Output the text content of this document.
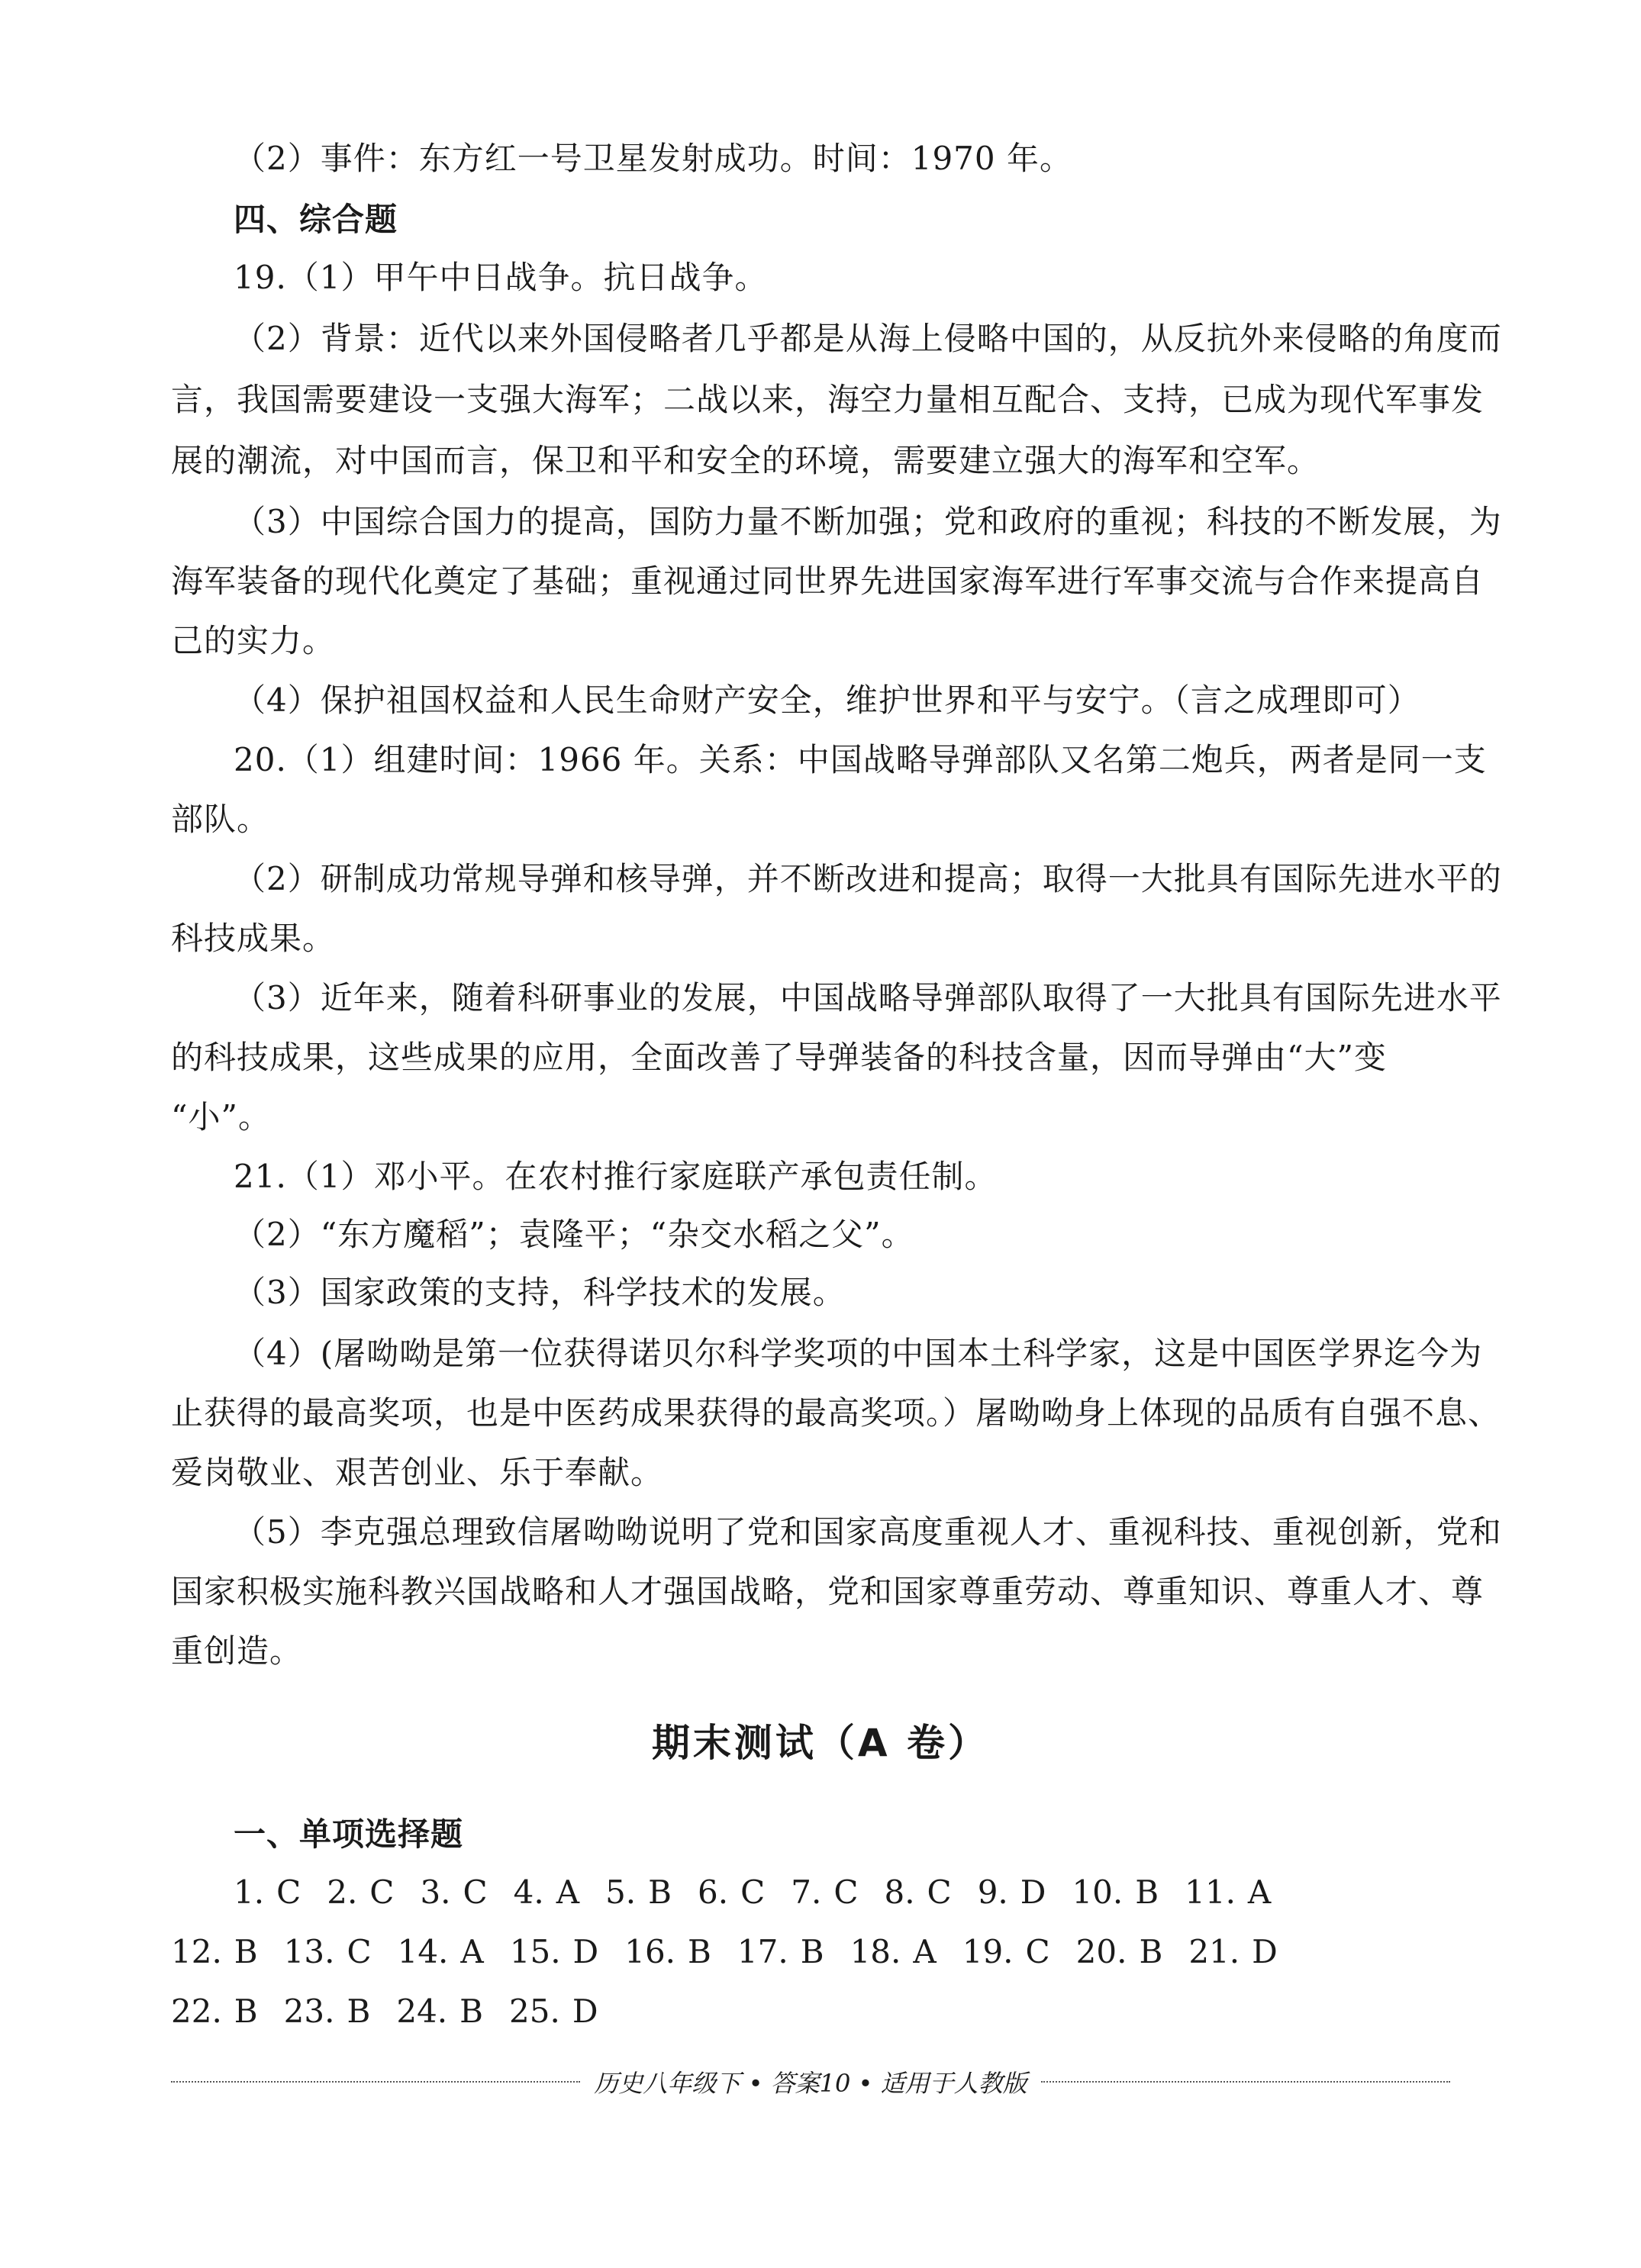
（2）事件：东方红一号卫星发射成功。时间：1970 年。
四、综合题
19.（1）甲午中日战争。抗日战争。
（2）背景：近代以来外国侵略者几乎都是从海上侵略中国的，从反抗外来侵略的角度而
言，我国需要建设一支强大海军；二战以来，海空力量相互配合、支持，已成为现代军事发
展的潮流，对中国而言，保卫和平和安全的环境，需要建立强大的海军和空军。
（3）中国综合国力的提高，国防力量不断加强；党和政府的重视；科技的不断发展，为
海军装备的现代化奠定了基础；重视通过同世界先进国家海军进行军事交流与合作来提高自
己的实力。
（4）保护祖国权益和人民生命财产安全，维护世界和平与安宁。（言之成理即可）
20.（1）组建时间：1966 年。关系：中国战略导弹部队又名第二炮兵，两者是同一支
部队。
（2）研制成功常规导弹和核导弹，并不断改进和提高；取得一大批具有国际先进水平的
科技成果。
（3）近年来，随着科研事业的发展，中国战略导弹部队取得了一大批具有国际先进水平
的科技成果，这些成果的应用，全面改善了导弹装备的科技含量，因而导弹由“大”变
“小”。
21.（1）邓小平。在农村推行家庭联产承包责任制。
（2）“东方魔稻”；袁隆平；“杂交水稻之父”。
（3）国家政策的支持，科学技术的发展。
（4）(屠呦呦是第一位获得诺贝尔科学奖项的中国本土科学家，这是中国医学界迄今为
止获得的最高奖项，也是中医药成果获得的最高奖项。）屠呦呦身上体现的品质有自强不息、
爱岗敬业、艰苦创业、乐于奉献。
（5）李克强总理致信屠呦呦说明了党和国家高度重视人才、重视科技、重视创新，党和
国家积极实施科教兴国战略和人才强国战略，党和国家尊重劳动、尊重知识、尊重人才、尊
重创造。
期末测试（A 卷）
一、单项选择题
1. C 2. C 3. C 4. A 5. B 6. C 7. C 8. C 9. D 10. B 11. A
12. B 13. C 14. A 15. D 16. B 17. B 18. A 19. C 20. B 21. D
22. B 23. B 24. B 25. D
历史八年级下 • 答案10 • 适用于人教版
